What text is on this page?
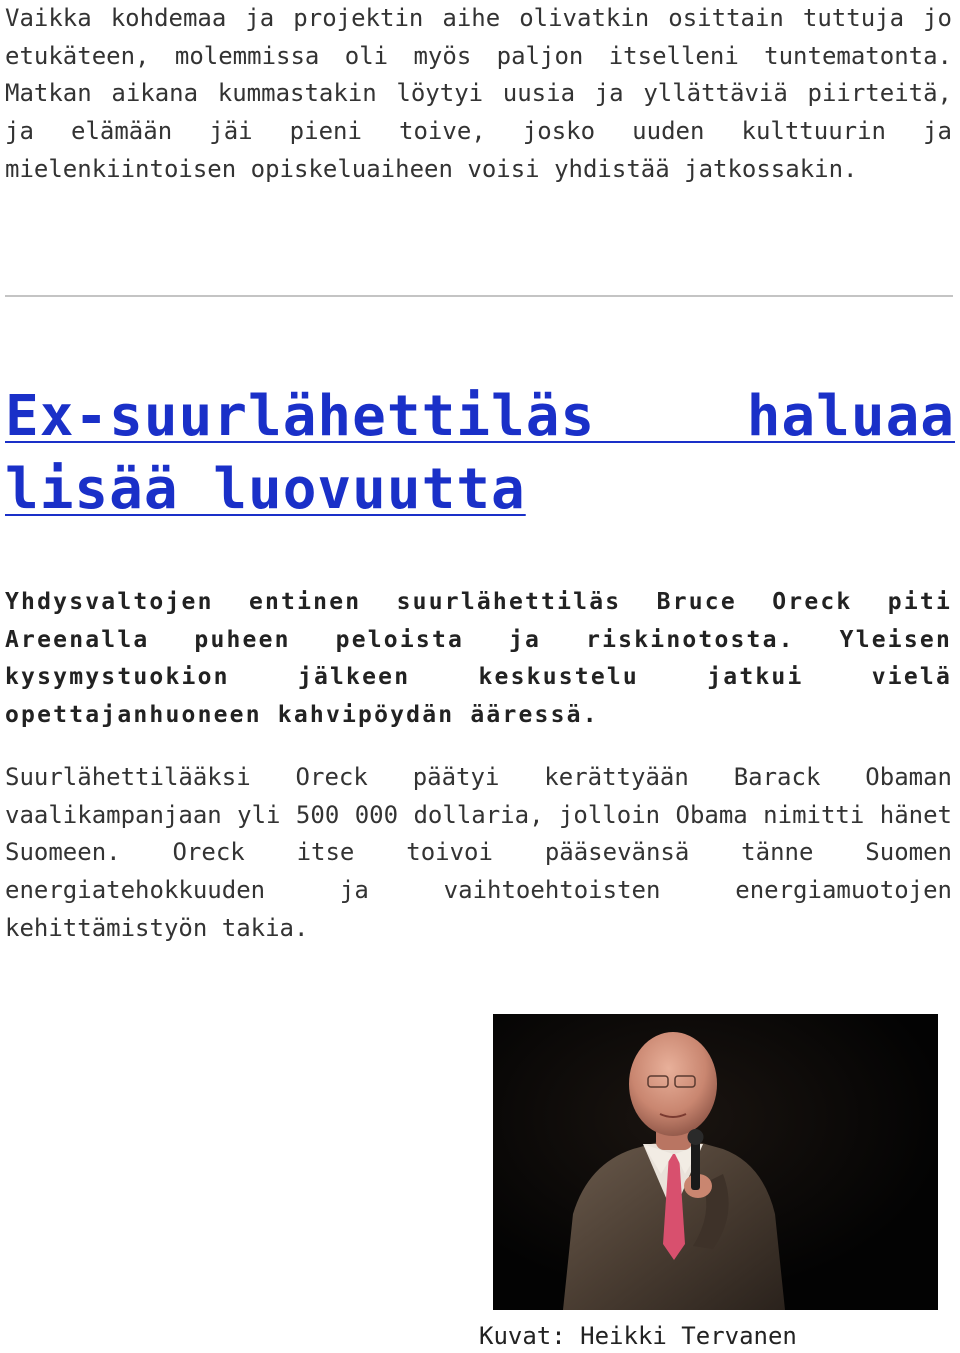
Vaikka kohdemaa ja projektin aihe olivatkin osittain tuttuja jo etukäteen, molemmissa oli myös paljon itselleni tuntematonta. Matkan aikana kummastakin löytyi uusia ja yllättäviä piirteitä, ja elämään jäi pieni toive, josko uuden kulttuurin ja mielenkiintoisen opiskeluaiheen voisi yhdistää jatkossakin.

Ex-suurlähettiläs haluaa lisää luovuutta

Yhdysvaltojen entinen suurlähettiläs Bruce Oreck piti Areenalla puheen peloista ja riskinotosta. Yleisen kysymystuokion jälkeen keskustelu jatkui vielä opettajanhuoneen kahvipöydän ääressä.

Suurlähettilääksi Oreck päätyi kerättyään Barack Obaman vaalikampanjaan yli 500 000 dollaria, jolloin Obama nimitti hänet Suomeen. Oreck itse toivoi pääsevänsä tänne Suomen energiatehokkuuden ja vaihtoehtoisten energiamuotojen kehittämistyön takia.

Kuvat: Heikki Tervanen
